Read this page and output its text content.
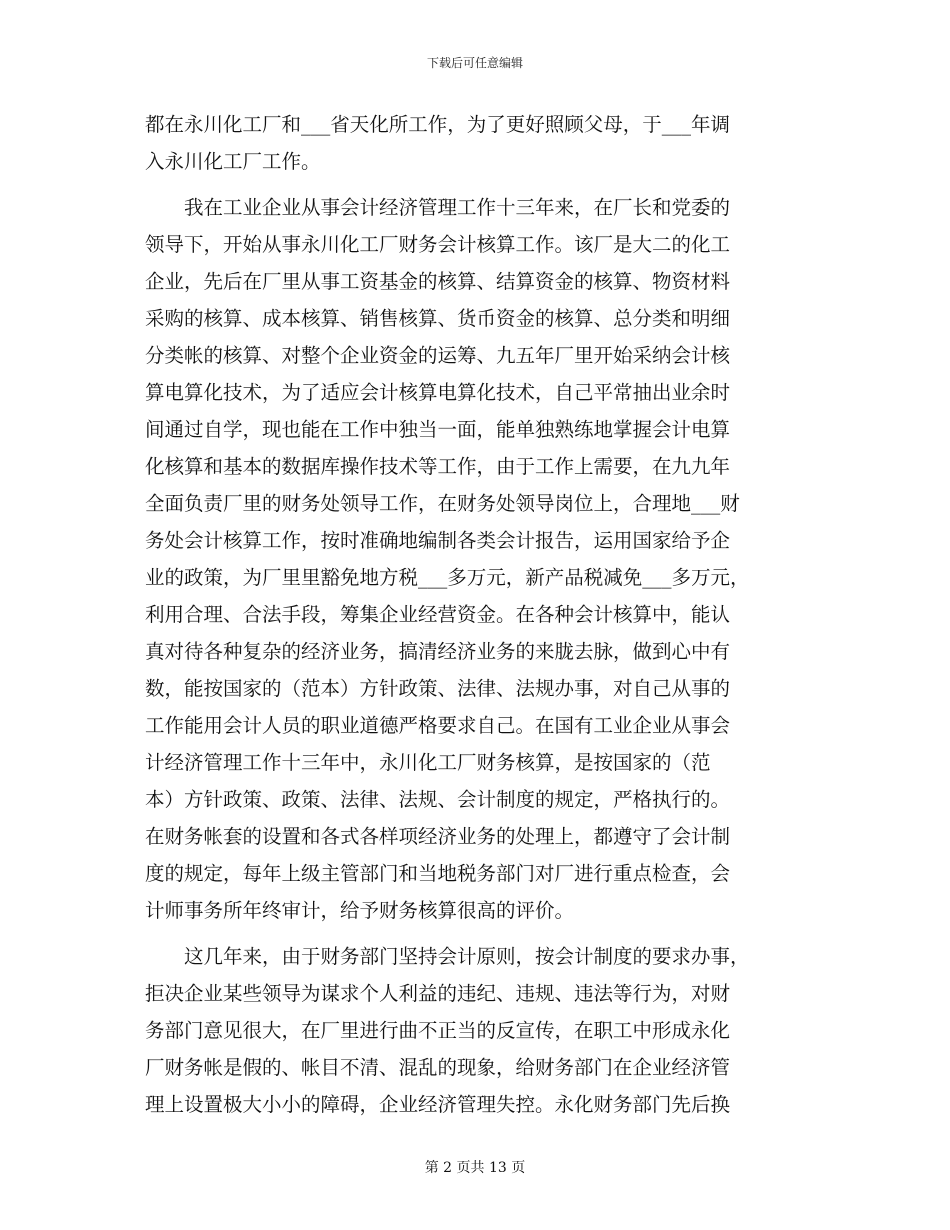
下载后可任意编辑
都在永川化工厂和___省天化所工作，为了更好照顾父母，于___年调
入永川化工厂工作。
　　我在工业企业从事会计经济管理工作十三年来，在厂长和党委的
领导下，开始从事永川化工厂财务会计核算工作。该厂是大二的化工
企业，先后在厂里从事工资基金的核算、结算资金的核算、物资材料
采购的核算、成本核算、销售核算、货币资金的核算、总分类和明细
分类帐的核算、对整个企业资金的运筹、九五年厂里开始采纳会计核
算电算化技术，为了适应会计核算电算化技术，自己平常抽出业余时
间通过自学，现也能在工作中独当一面，能单独熟练地掌握会计电算
化核算和基本的数据库操作技术等工作，由于工作上需要，在九九年
全面负责厂里的财务处领导工作，在财务处领导岗位上，合理地___财
务处会计核算工作，按时准确地编制各类会计报告，运用国家给予企
业的政策，为厂里里豁免地方税___多万元，新产品税减免___多万元，
利用合理、合法手段，筹集企业经营资金。在各种会计核算中，能认
真对待各种复杂的经济业务，搞清经济业务的来胧去脉，做到心中有
数，能按国家的（范本）方针政策、法律、法规办事，对自己从事的
工作能用会计人员的职业道德严格要求自己。在国有工业企业从事会
计经济管理工作十三年中，永川化工厂财务核算，是按国家的（范
本）方针政策、政策、法律、法规、会计制度的规定，严格执行的。
在财务帐套的设置和各式各样项经济业务的处理上，都遵守了会计制
度的规定，每年上级主管部门和当地税务部门对厂进行重点检查，会
计师事务所年终审计，给予财务核算很高的评价。
　　这几年来，由于财务部门坚持会计原则，按会计制度的要求办事，
拒决企业某些领导为谋求个人利益的违纪、违规、违法等行为，对财
务部门意见很大，在厂里进行曲不正当的反宣传，在职工中形成永化
厂财务帐是假的、帐目不清、混乱的现象，给财务部门在企业经济管
理上设置极大小小的障碍，企业经济管理失控。永化财务部门先后换
第 2 页共 13 页
